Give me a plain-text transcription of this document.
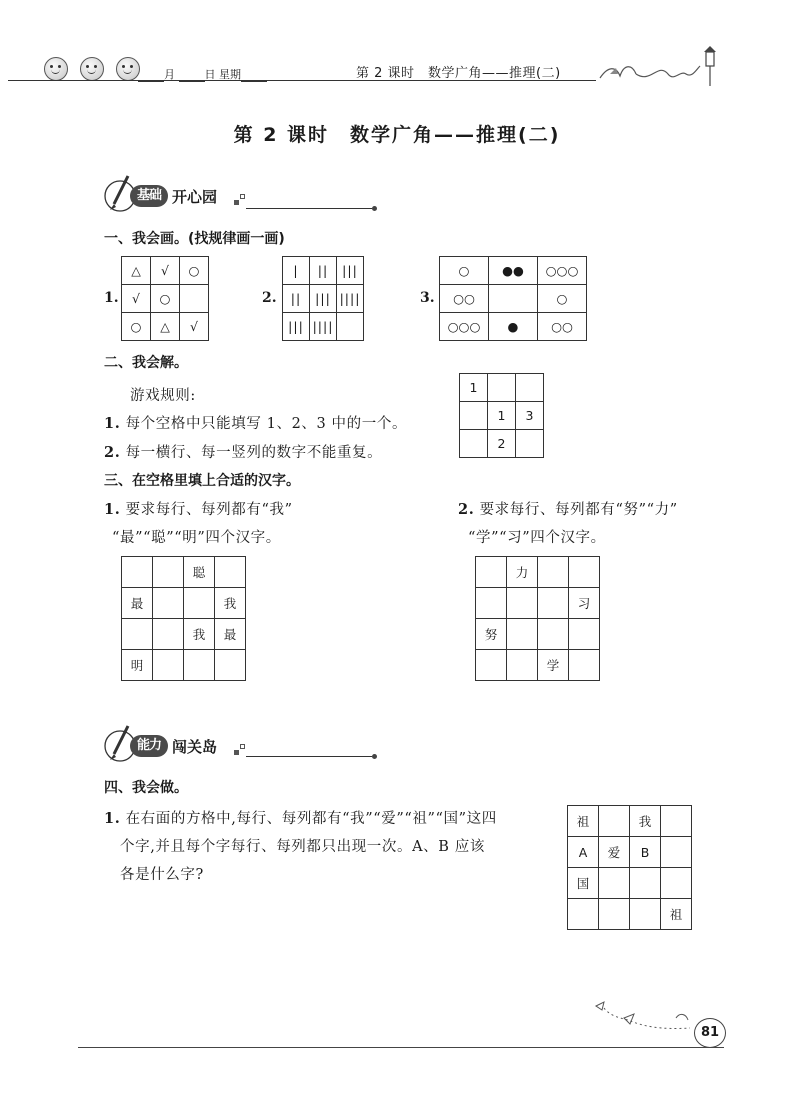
月	日 星期	第 2 课时　数学广角——推理(二)
第 2 课时　数学广角——推理(二)
基础 开心园
一、我会画。(找规律画一画)
1.
△	√	○
√	○	
○	△	√
2.
|	||	|||
||	|||	||||
|||	||||	
3.
○	●●	○○○
○○		○
○○○	●	○○
二、我会解。
游戏规则:
1. 每个空格中只能填写 1、2、3 中的一个。
2. 每一横行、每一竖列的数字不能重复。
1		
	1	3
	2	
三、在空格里填上合适的汉字。
1. 要求每行、每列都有“我”
“最”“聪”“明”四个汉字。
		聪	
最			我
		我	最
明			
2. 要求每行、每列都有“努”“力”
“学”“习”四个汉字。
	力		
			习
努			
		学	
能力 闯关岛
四、我会做。
1. 在右面的方格中,每行、每列都有“我”“爱”“祖”“国”这四
个字,并且每个字每行、每列都只出现一次。A、B 应该
各是什么字?
祖		我	
A	爱	B	
国			
			祖
81
